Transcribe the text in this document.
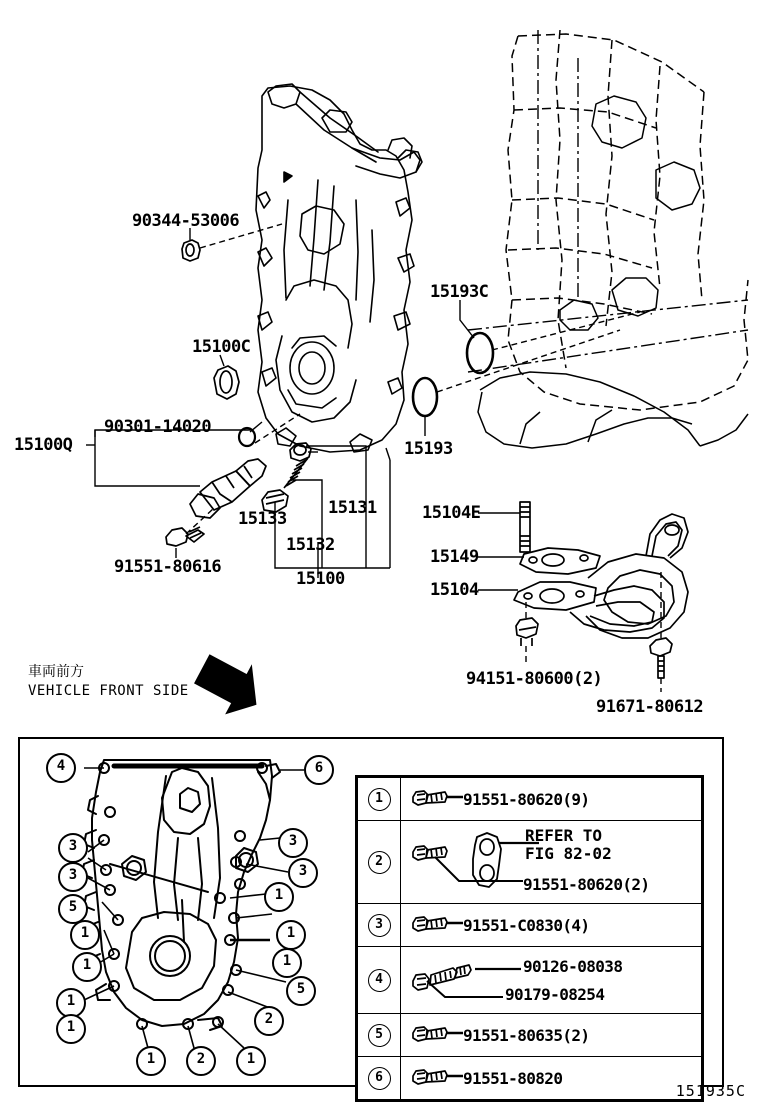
90344-53006
15100C
90301-14020
15100Q
91551-80616
15133
15132
15131
15100
15193C
15193
15104E
15149
15104
94151-80600(2)
91671-80612
車両前方
VEHICLE FRONT SIDE
4	6
3
3
3
3
5
1
1
1
1
1
1
1
5
2
1	2	1
1	91551-80620(9)

2	REFER TO
FIG 82-02
91551-80620(2)

3	91551-C0830(4)

4	90126-08038
90179-08254

5	91551-80635(2)

6	91551-80820
151935C
